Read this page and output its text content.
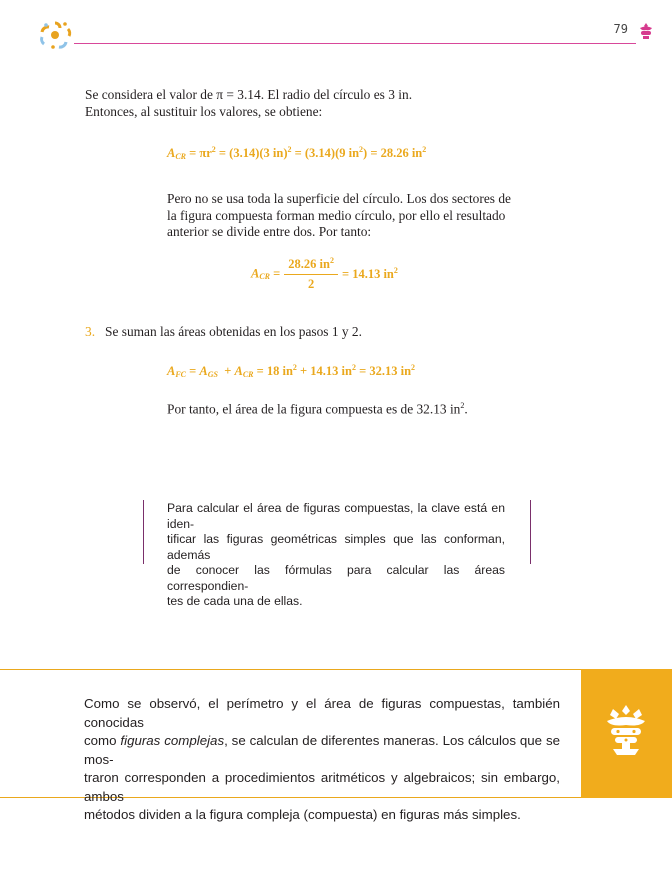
79
Se considera el valor de π = 3.14. El radio del círculo es 3 in.
Entonces, al sustituir los valores, se obtiene:
$A_{CR} = \pi r^2 = (3.14)(3$ in)$^2$ = (3.14)(9 $in^2) = 28.26$ $in^2$
Pero no se usa toda la superficie del círculo. Los dos sectores de
la figura compuesta forman medio círculo, por ello el resultado
anterior se divide entre dos. Por tanto:
$A_{CR} = \frac{28.26 in^2}{2} = 14.13$ $in^2$
3. Se suman las áreas obtenidas en los pasos 1 y 2.
$A_{FC} = A_{GS} + A_{CR} = 18$ $in^2 + 14.13$ $in^2 = 32.13$ $in^2$
Por tanto, el área de la figura compuesta es de 32.13 $in^2$.
Para calcular el área de figuras compuestas, la clave está en iden-
tificar las figuras geométricas simples que las conforman, además
de conocer las fórmulas para calcular las áreas correspondien-
tes de cada una de ellas.
Como se observó, el perímetro y el área de figuras compuestas, también conocidas
como figuras complejas, se calculan de diferentes maneras. Los cálculos que se mos-
traron corresponden a procedimientos aritméticos y algebraicos; sin embargo, ambos
métodos dividen a la figura compleja (compuesta) en figuras más simples.
